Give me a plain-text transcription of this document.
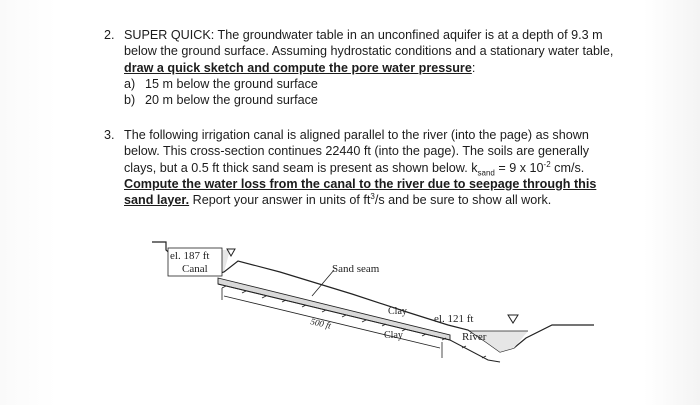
2. SUPER QUICK: The groundwater table in an unconfined aquifer is at a depth of 9.3 m below the ground surface. Assuming hydrostatic conditions and a stationary water table, draw a quick sketch and compute the pore water pressure:

a) 15 m below the ground surface
b) 20 m below the ground surface
3. The following irrigation canal is aligned parallel to the river (into the page) as shown below. This cross-section continues 22440 ft (into the page). The soils are generally clays, but a 0.5 ft thick sand seam is present as shown below. $k_{sand} = 9$ x $10^{-2}$ cm/s. Compute the water loss from the canal to the river due to seepage through this sand layer. Report your answer in units of $ft^3/s$ and be sure to show all work.

el. 187 ft
Canal	Sand seam
Clay
Clay
500 ft	el. 121 ft
River
